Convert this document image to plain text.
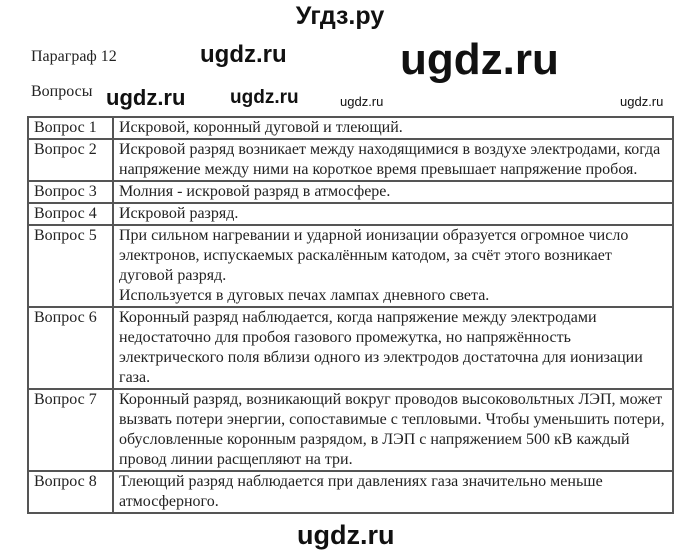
Угдз.ру
Параграф 12
Вопросы
Вопрос 1	Искровой, коронный дуговой и тлеющий.

Вопрос 2	Искровой разряд возникает между находящимися в воздухе электродами, когда напряжение между ними на короткое время превышает напряжение пробоя.

Вопрос 3	Молния - искровой разряд в атмосфере.

Вопрос 4	Искровой разряд.

Вопрос 5	При сильном нагревании и ударной ионизации образуется огромное число электронов, испускаемых раскалённым катодом, за счёт этого возникает дуговой разряд.
Используется в дуговых печах лампах дневного света.

Вопрос 6	Коронный разряд наблюдается, когда напряжение между электродами недостаточно для пробоя газового промежутка, но напряжённость электрического поля вблизи одного из электродов достаточна для ионизации газа.

Вопрос 7	Коронный разряд, возникающий вокруг проводов высоковольтных ЛЭП, может вызвать потери энергии, сопоставимые с тепловыми. Чтобы уменьшить потери, обусловленные коронным разрядом, в ЛЭП с напряжением 500 кВ каждый провод линии расщепляют на три.

Вопрос 8	Тлеющий разряд наблюдается при давлениях газа значительно меньше атмосферного.
ugdz.ru
ugdz.ru
ugdz.ru
ugdz.ru	ugdz.ru	ugdz.ru
ugdz.ru
